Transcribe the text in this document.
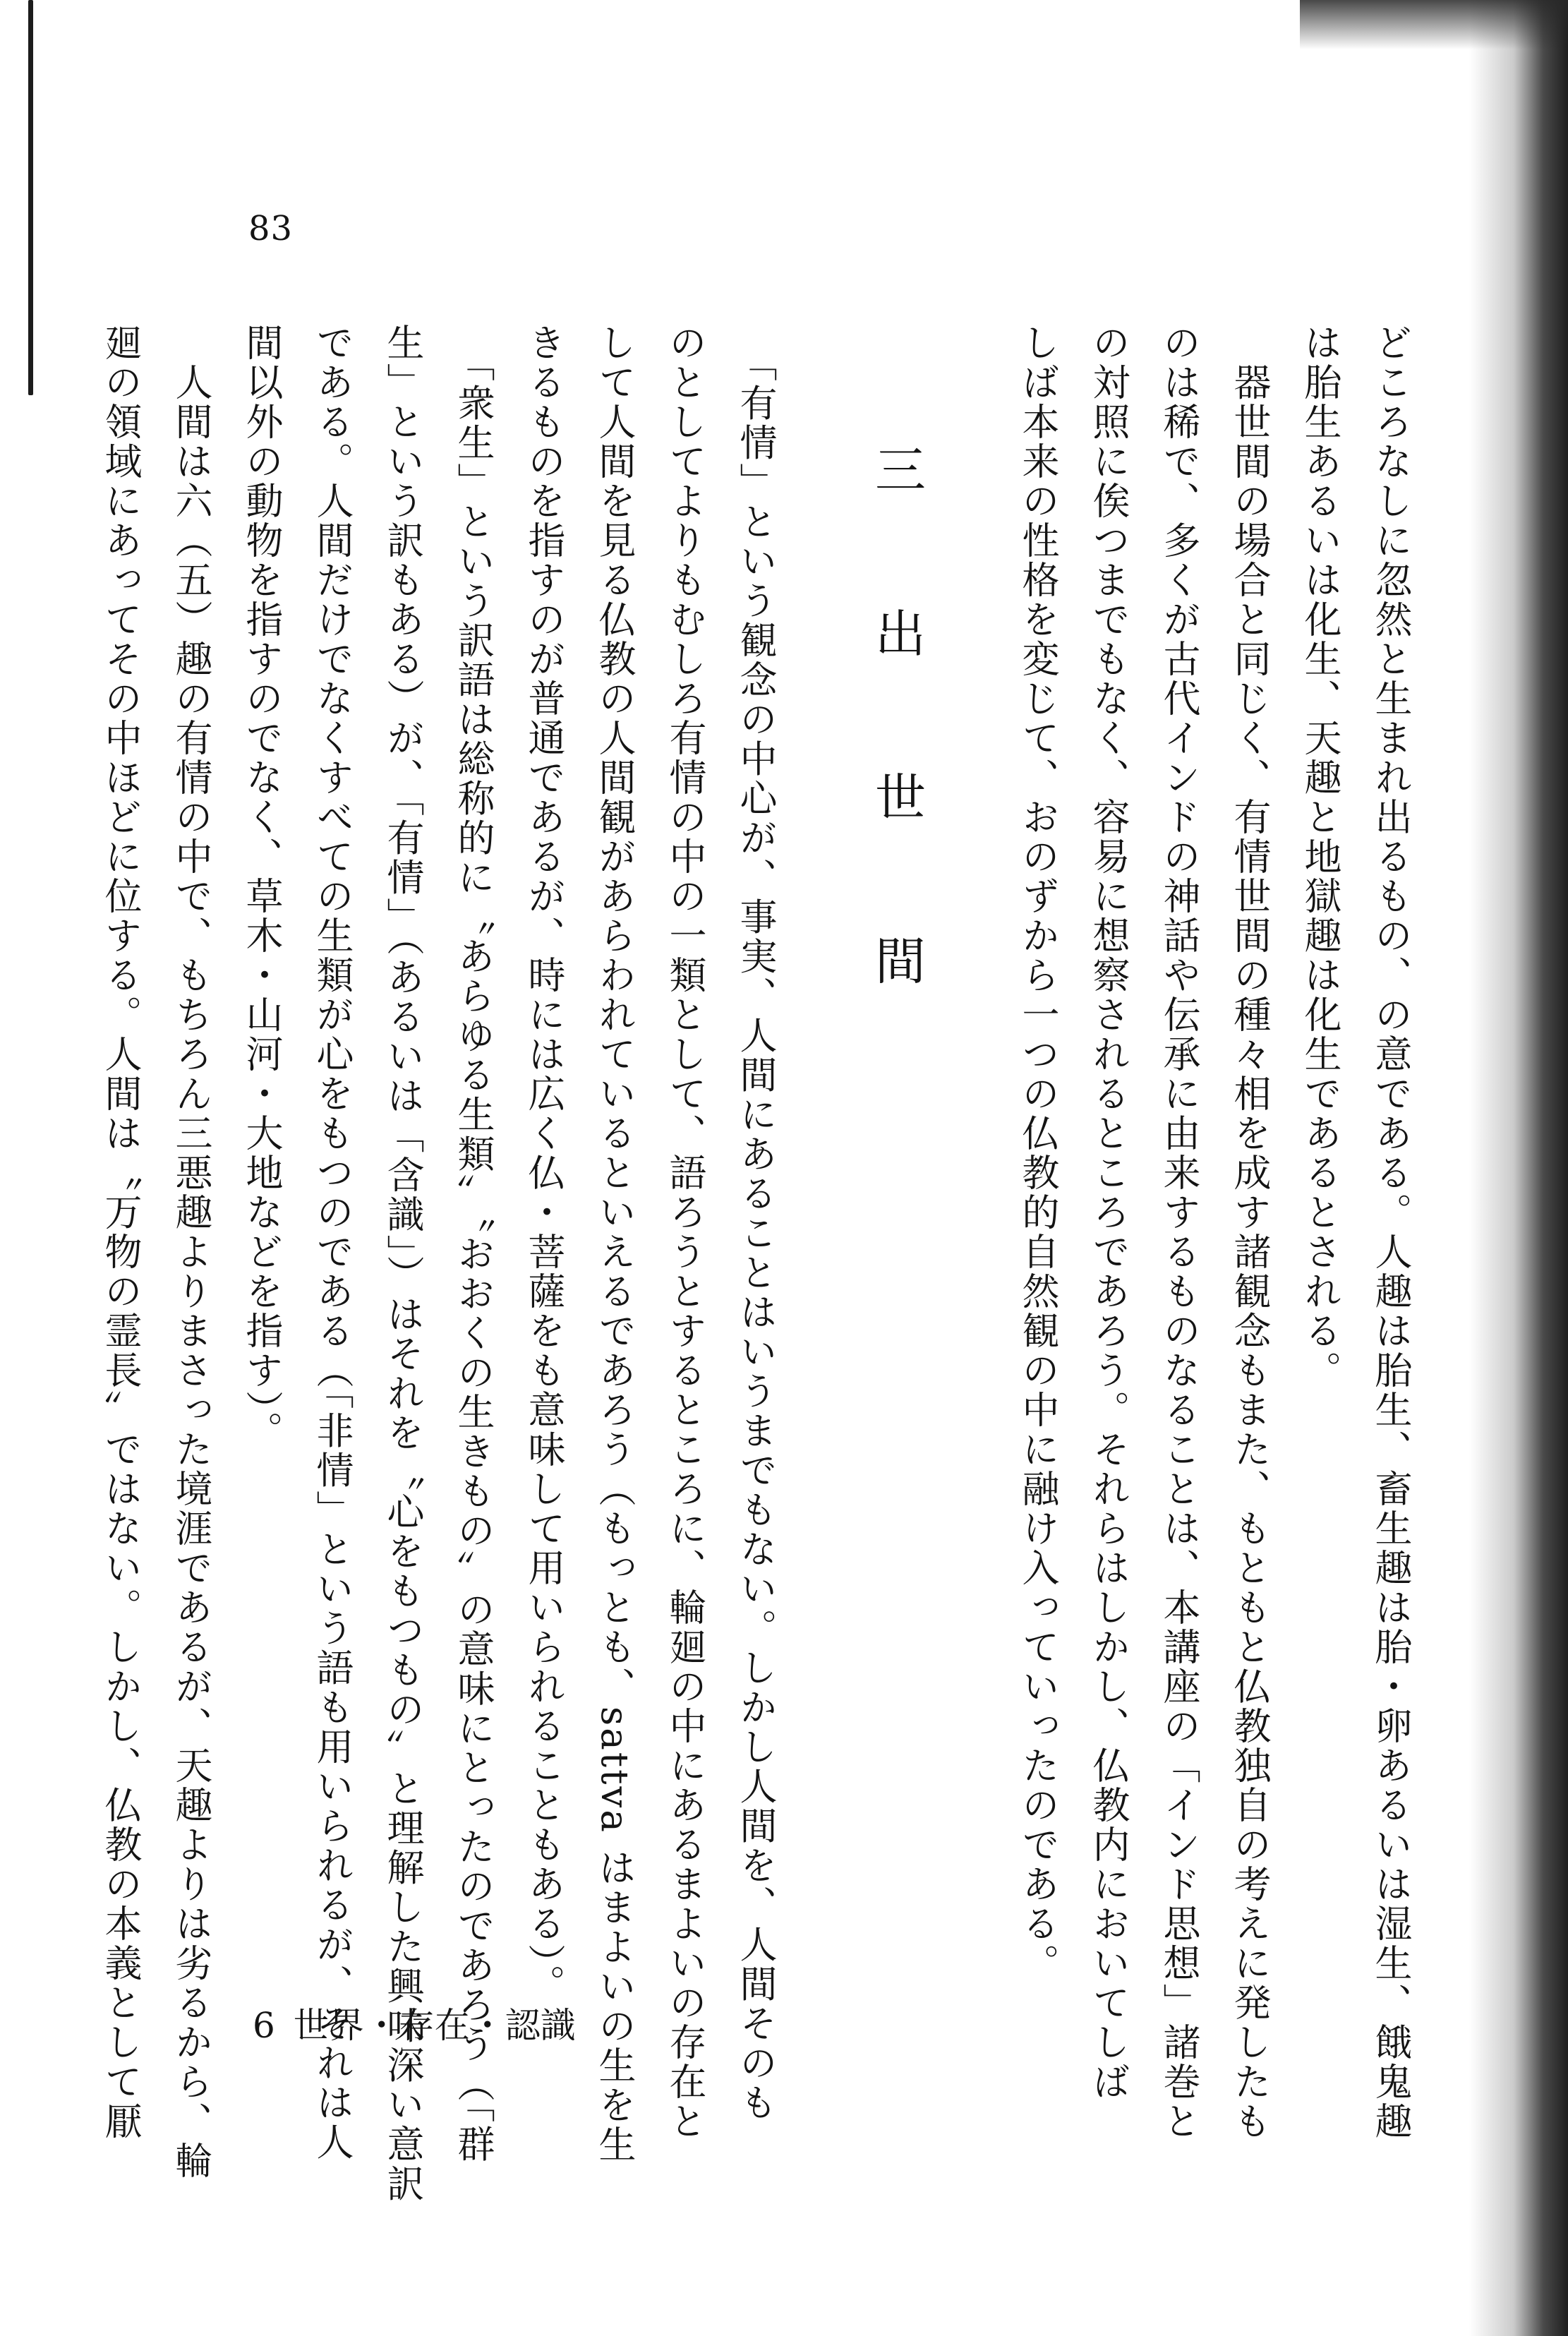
83
どころなしに忽然と生まれ出るもの、の意である。人趣は胎生、畜生趣は胎・卵あるいは湿生、餓鬼趣
は胎生あるいは化生、天趣と地獄趣は化生であるとされる。
　器世間の場合と同じく、有情世間の種々相を成す諸観念もまた、もともと仏教独自の考えに発したも
のは稀で、多くが古代インドの神話や伝承に由来するものなることは、本講座の「インド思想」諸巻と
の対照に俟つまでもなく、容易に想察されるところであろう。それらはしかし、仏教内においてしば
しば本来の性格を変じて、おのずから一つの仏教的自然観の中に融け入っていったのである。
三　出　世　間
　「有情」という観念の中心が、事実、人間にあることはいうまでもない。しかし人間を、人間そのも
のとしてよりもむしろ有情の中の一類として、語ろうとするところに、輪廻の中にあるまよいの存在と
して人間を見る仏教の人間観があらわれているといえるであろう（もっとも、sattva はまよいの生を生
きるものを指すのが普通であるが、時には広く仏・菩薩をも意味して用いられることもある）。
　「衆生」という訳語は総称的に〝あらゆる生類〟〝おおくの生きもの〟の意味にとったのであろう（「群
生」という訳もある）が、「有情」（あるいは「含識」）はそれを〝心をもつもの〟と理解した興味深い意訳
である。人間だけでなくすべての生類が心をもつのである（「非情」という語も用いられるが、それは人
間以外の動物を指すのでなく、草木・山河・大地などを指す）。
　人間は六（五）趣の有情の中で、もちろん三悪趣よりまさった境涯であるが、天趣よりは劣るから、輪
廻の領域にあってその中ほどに位する。人間は〝万物の霊長〟ではない。しかし、仏教の本義として厭	6 世界・存在・認識
